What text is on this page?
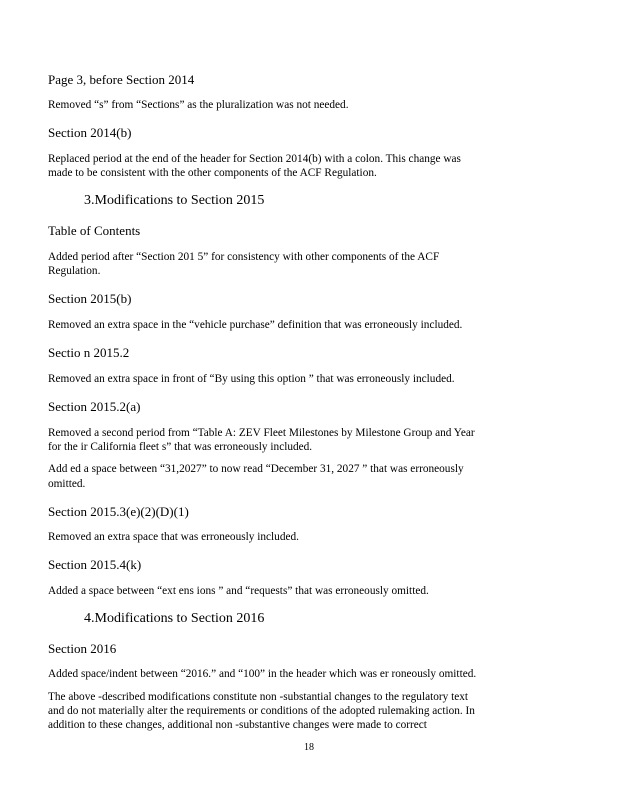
Page 3, before Section 2014
Removed “s” from “Sections” as the pluralization was not needed.
Section 2014(b)
Replaced period at the end of the header for Section 2014(b) with a colon. This change was
made to be consistent with the other components of the ACF Regulation.
3.Modifications to Section 2015
Table of Contents
Added period after “Section 201 5” for consistency with other components of the ACF
Regulation.
Section 2015(b)
Removed an extra space in the “vehicle purchase” definition that was erroneously included.
Sectio n 2015.2
Removed an extra space in front of “By using this option ” that was erroneously included.
Section 2015.2(a)
Removed a second period from “Table A: ZEV Fleet Milestones by Milestone Group and Year
for the ir California fleet s” that was erroneously included.
Add ed a space between “31,2027” to now read “December 31, 2027 ” that was erroneously
omitted.
Section 2015.3(e)(2)(D)(1)
Removed an extra space that was erroneously included.
Section 2015.4(k)
Added a space between “ext ens ions ” and “requests” that was erroneously omitted.
4.Modifications to Section 2016
Section 2016
Added space/indent between “2016.” and “100” in the header which was er roneously omitted.
The above -described modifications constitute non -substantial changes to the regulatory text
and do not materially alter the requirements or conditions of the adopted rulemaking action. In
addition to these changes, additional non -substantive changes were made to correct
18
